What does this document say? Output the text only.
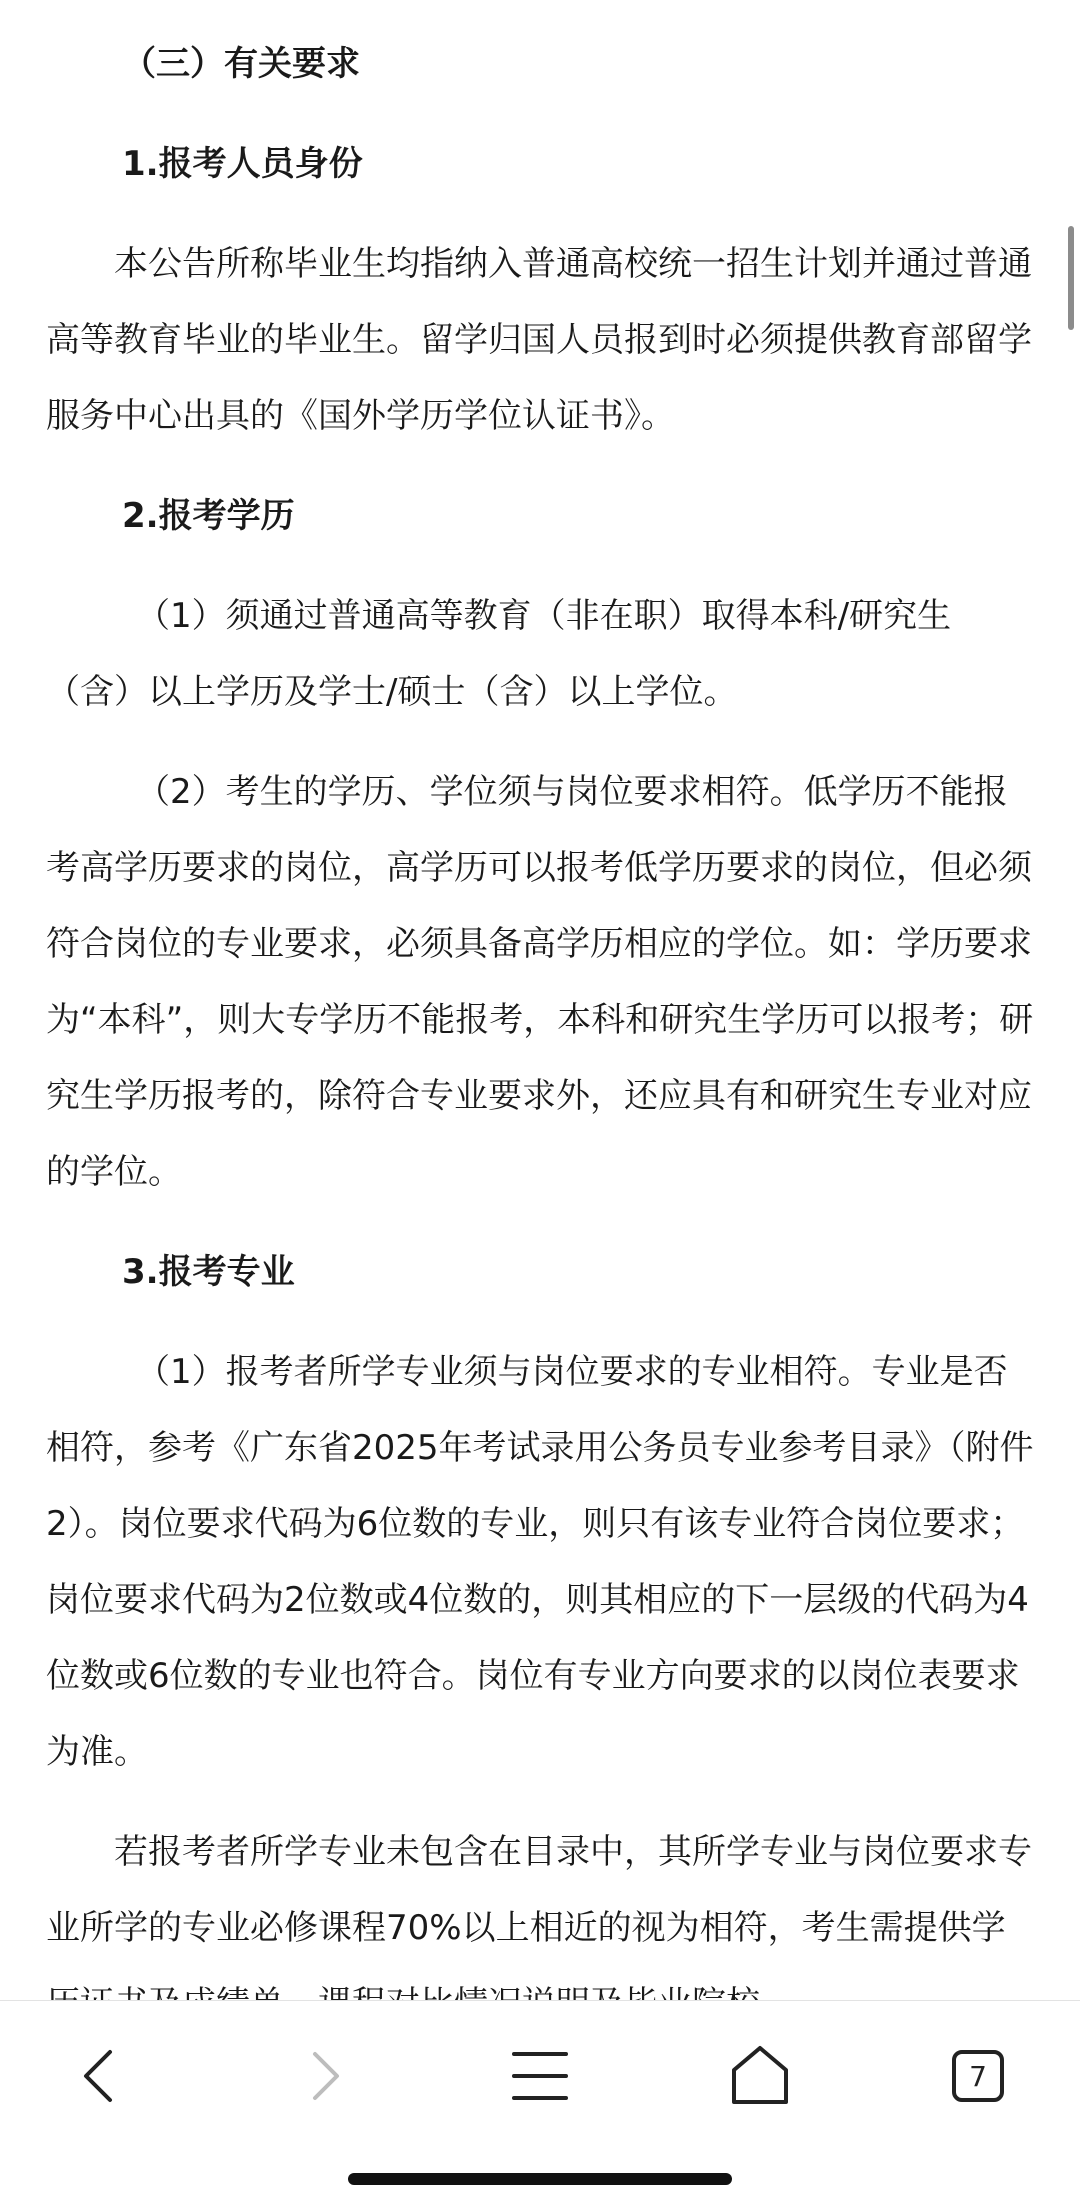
（三）有关要求

1.报考人员身份

本公告所称毕业生均指纳入普通高校统一招生计划并通过普通高等教育毕业的毕业生。留学归国人员报到时必须提供教育部留学服务中心出具的《国外学历学位认证书》。

2.报考学历

（1）须通过普通高等教育（非在职）取得本科/研究生（含）以上学历及学士/硕士（含）以上学位。

（2）考生的学历、学位须与岗位要求相符。低学历不能报考高学历要求的岗位，高学历可以报考低学历要求的岗位，但必须符合岗位的专业要求，必须具备高学历相应的学位。如：学历要求为“本科”，则大专学历不能报考，本科和研究生学历可以报考；研究生学历报考的，除符合专业要求外，还应具有和研究生专业对应的学位。

3.报考专业

（1）报考者所学专业须与岗位要求的专业相符。专业是否相符，参考《广东省2025年考试录用公务员专业参考目录》（附件2）。岗位要求代码为6位数的专业，则只有该专业符合岗位要求；岗位要求代码为2位数或4位数的，则其相应的下一层级的代码为4位数或6位数的专业也符合。岗位有专业方向要求的以岗位表要求为准。

若报考者所学专业未包含在目录中，其所学专业与岗位要求专业所学的专业必修课程70%以上相近的视为相符，考生需提供学

7
